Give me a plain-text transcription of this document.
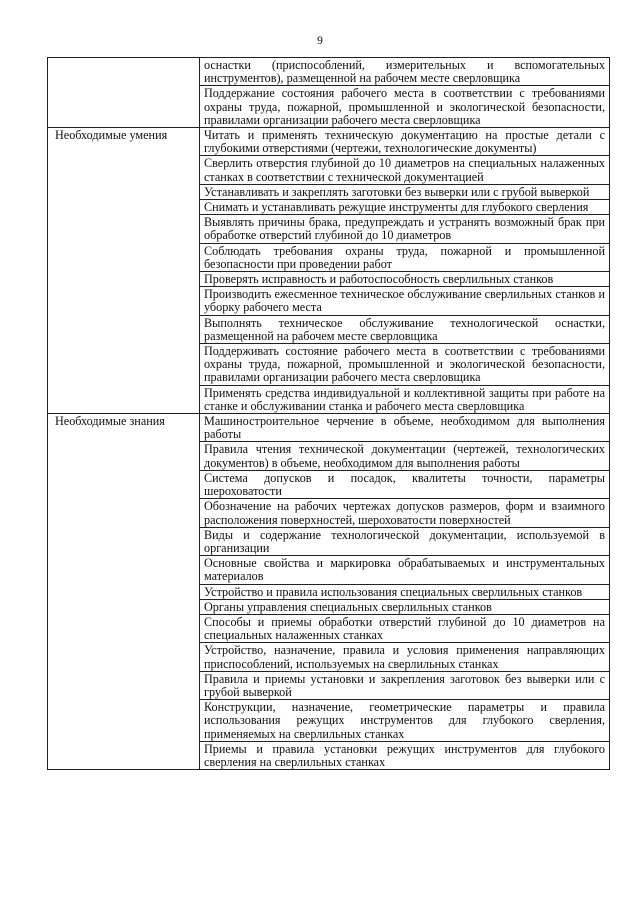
9
	оснастки (приспособлений, измерительных и вспомогательных инструментов), размещенной на рабочем месте сверловщика
	Поддержание состояния рабочего места в соответствии с требованиями охраны труда, пожарной, промышленной и экологической безопасности, правилами организации рабочего места сверловщика
Необходимые умения	Читать и применять техническую документацию на простые детали с глубокими отверстиями (чертежи, технологические документы)
	Сверлить отверстия глубиной до 10 диаметров на специальных налаженных станках в соответствии с технической документацией
	Устанавливать и закреплять заготовки без выверки или с грубой выверкой
	Снимать и устанавливать режущие инструменты для глубокого сверления
	Выявлять причины брака, предупреждать и устранять возможный брак при обработке отверстий глубиной до 10 диаметров
	Соблюдать требования охраны труда, пожарной и промышленной безопасности при проведении работ
	Проверять исправность и работоспособность сверлильных станков
	Производить ежесменное техническое обслуживание сверлильных станков и уборку рабочего места
	Выполнять техническое обслуживание технологической оснастки, размещенной на рабочем месте сверловщика
	Поддерживать состояние рабочего места в соответствии с требованиями охраны труда, пожарной, промышленной и экологической безопасности, правилами организации рабочего места сверловщика
	Применять средства индивидуальной и коллективной защиты при работе на станке и обслуживании станка и рабочего места сверловщика
Необходимые знания	Машиностроительное черчение в объеме, необходимом для выполнения работы
	Правила чтения технической документации (чертежей, технологических документов) в объеме, необходимом для выполнения работы
	Система допусков и посадок, квалитеты точности, параметры шероховатости
	Обозначение на рабочих чертежах допусков размеров, форм и взаимного расположения поверхностей, шероховатости поверхностей
	Виды и содержание технологической документации, используемой в организации
	Основные свойства и маркировка обрабатываемых и инструментальных материалов
	Устройство и правила использования специальных сверлильных станков
	Органы управления специальных сверлильных станков
	Способы и приемы обработки отверстий глубиной до 10 диаметров на специальных налаженных станках
	Устройство, назначение, правила и условия применения направляющих приспособлений, используемых на сверлильных станках
	Правила и приемы установки и закрепления заготовок без выверки или с грубой выверкой
	Конструкции, назначение, геометрические параметры и правила использования режущих инструментов для глубокого сверления, применяемых на сверлильных станках
	Приемы и правила установки режущих инструментов для глубокого сверления на сверлильных станках
